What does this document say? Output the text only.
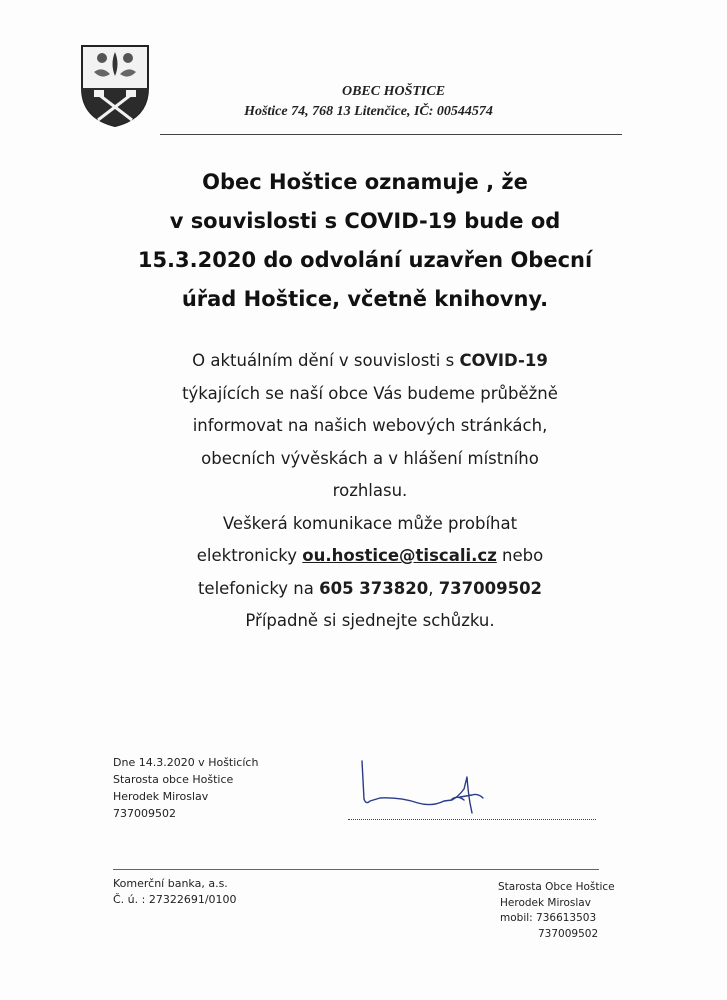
OBEC HOŠTICE
Hoštice 74, 768 13 Litenčice, IČ: 00544574
Obec Hoštice oznamuje , že
v souvislosti s COVID-19 bude od
15.3.2020 do odvolání uzavřen Obecní
úřad Hoštice, včetně knihovny.
O aktuálním dění v souvislosti s COVID-19
týkajících se naší obce Vás budeme průběžně
informovat na našich webových stránkách,
obecních vývěskách a v hlášení místního
rozhlasu.
Veškerá komunikace může probíhat
elektronicky ou.hostice@tiscali.cz nebo
telefonicky na 605 373820, 737009502
Případně si sjednejte schůzku.
Dne 14.3.2020 v Hošticích
Starosta obce Hoštice
Herodek Miroslav
737009502
Komerční banka, a.s.
Č. ú. : 27322691/0100
Starosta Obce Hoštice
Herodek Miroslav
mobil: 736613503
737009502
